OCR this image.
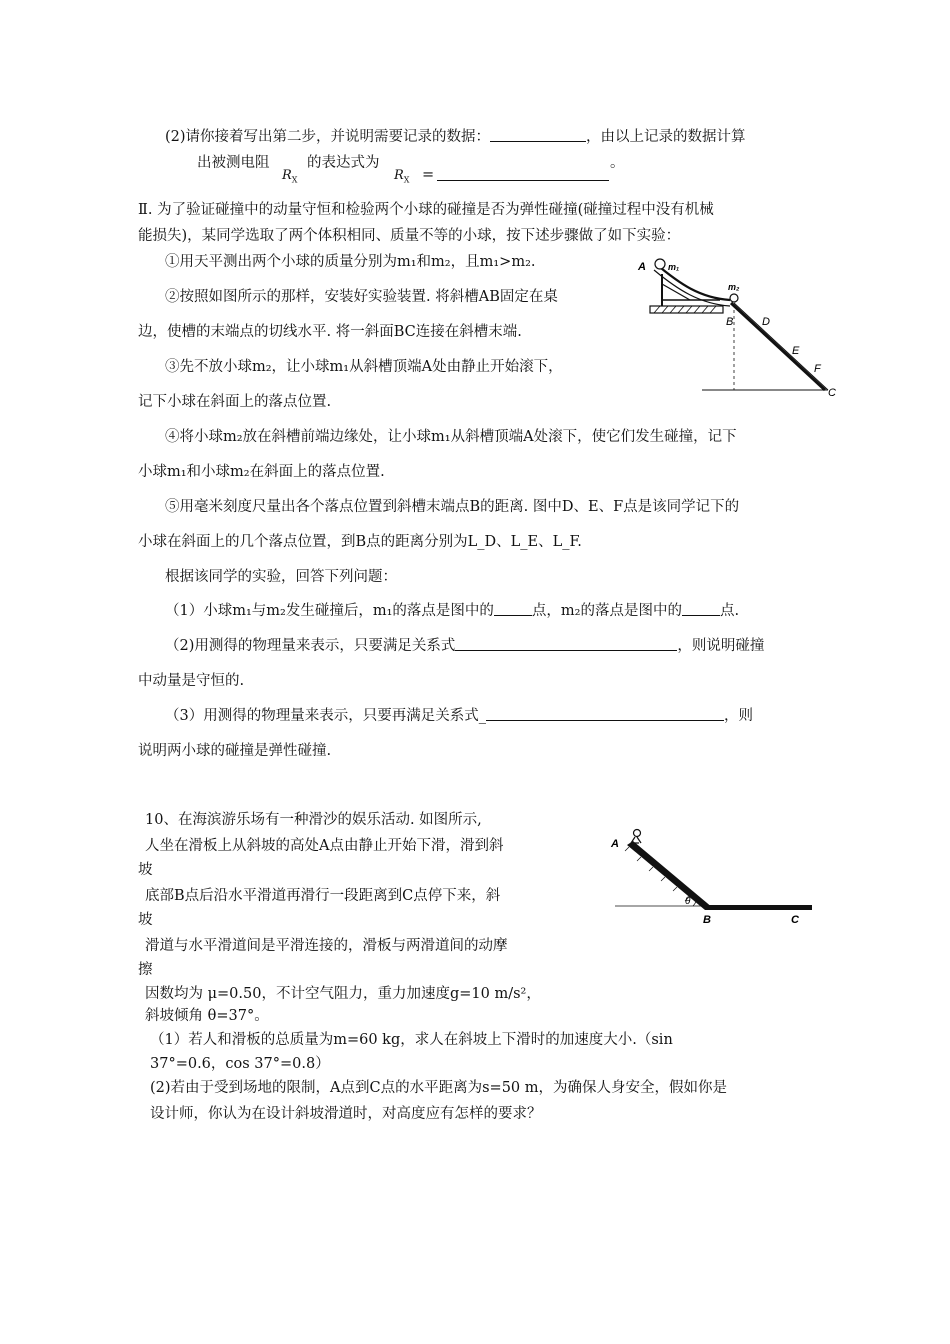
(2)请你接着写出第二步，并说明需要记录的数据：	，由以上记录的数据计算
出被测电阻
$R_X$
的表达式为
$R_X$ =
。
Ⅱ. 为了验证碰撞中的动量守恒和检验两个小球的碰撞是否为弹性碰撞(碰撞过程中没有机械
能损失)，某同学选取了两个体积相同、质量不等的小球，按下述步骤做了如下实验：
①用天平测出两个小球的质量分别为m₁和m₂，且m₁>m₂.
②按照如图所示的那样，安装好实验装置. 将斜槽AB固定在桌
边，使槽的末端点的切线水平. 将一斜面BC连接在斜槽末端.
③先不放小球m₂，让小球m₁从斜槽顶端A处由静止开始滚下，
记下小球在斜面上的落点位置.
④将小球m₂放在斜槽前端边缘处，让小球m₁从斜槽顶端A处滚下，使它们发生碰撞，记下
小球m₁和小球m₂在斜面上的落点位置.
⑤用毫米刻度尺量出各个落点位置到斜槽末端点B的距离. 图中D、E、F点是该同学记下的
小球在斜面上的几个落点位置，到B点的距离分别为L_D、L_E、L_F.
根据该同学的实验，回答下列问题：
（1）小球m₁与m₂发生碰撞后，m₁的落点是图中的	点，m₂的落点是图中的	点.
（2)用测得的物理量来表示，只要满足关系式	，则说明碰撞
中动量是守恒的.
（3）用测得的物理量来表示，只要再满足关系式_	，则
说明两小球的碰撞是弹性碰撞.
A m₁
m₂
B	D
E
F
C
10、在海滨游乐场有一种滑沙的娱乐活动. 如图所示,
人坐在滑板上从斜坡的高处A点由静止开始下滑，滑到斜
坡
底部B点后沿水平滑道再滑行一段距离到C点停下来，斜
坡
滑道与水平滑道间是平滑连接的，滑板与两滑道间的动摩
擦
因数均为 μ=0.50，不计空气阻力，重力加速度g=10 m/s²，
斜坡倾角 θ=37°。
（1）若人和滑板的总质量为m=60 kg，求人在斜坡上下滑时的加速度大小.（sin
37°=0.6，cos 37°=0.8）
(2)若由于受到场地的限制，A点到C点的水平距离为s=50 m，为确保人身安全，假如你是
设计师，你认为在设计斜坡滑道时，对高度应有怎样的要求？
A
θ
B	C
